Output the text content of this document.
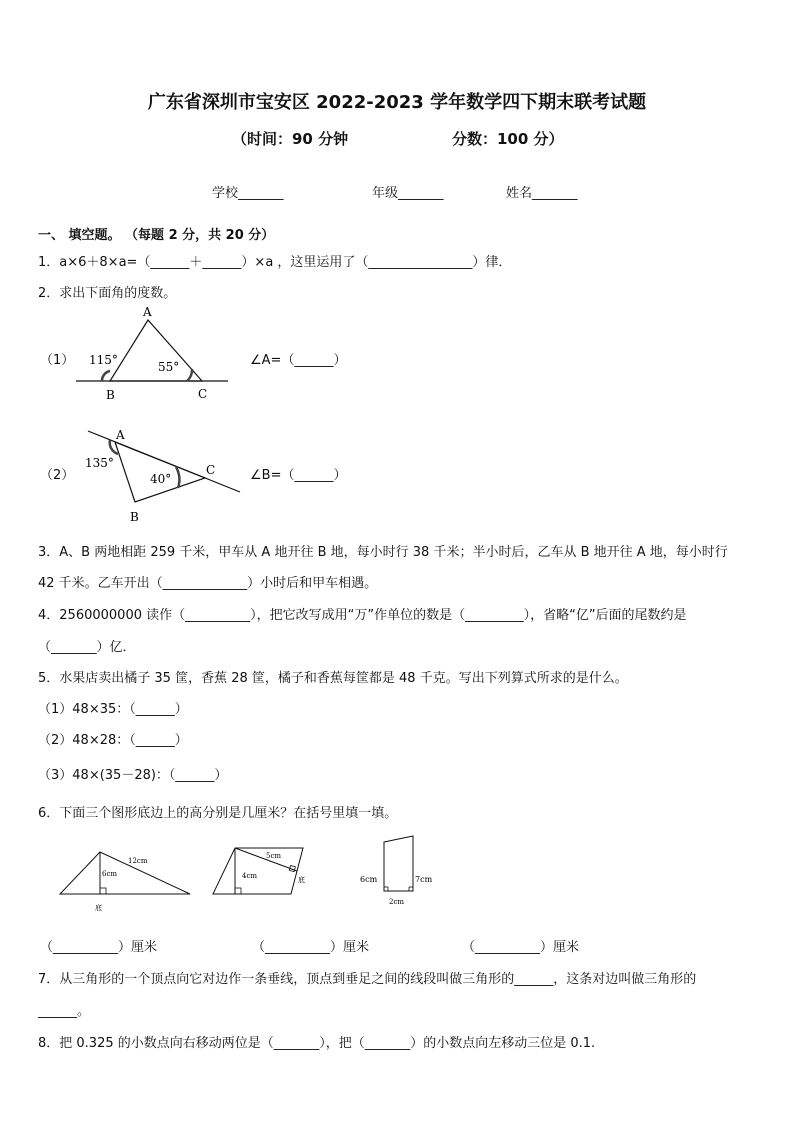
广东省深圳市宝安区 2022-2023 学年数学四下期末联考试题
（时间：90 分钟	分数：100 分）
学校_______	年级_______	姓名_______
一、 填空题。 （每题 2 分，共 20 分）
1．a×6＋8×a=（______＋______）×a ，这里运用了（________________）律．
2．求出下面角的度数。
（1）	∠A=（______）
A
B	C
115°	55°
（2）	∠B=（______）
A
B
C
135°
40°
3．A、B 两地相距 259 千米，甲车从 A 地开往 B 地，每小时行 38 千米；半小时后，乙车从 B 地开往 A 地，每小时行
42 千米。乙车开出（_____________）小时后和甲车相遇。
4．2560000000 读作（__________），把它改写成用“万”作单位的数是（_________），省略“亿”后面的尾数约是
（_______）亿．
5．水果店卖出橘子 35 筐，香蕉 28 筐，橘子和香蕉每筐都是 48 千克。写出下列算式所求的是什么。
（1）48×35：（______）
（2）48×28：（______）
（3）48×(35－28)：（______）
6．下面三个图形底边上的高分别是几厘米？在括号里填一填。
12cm
6cm
底
5cm
4cm	底	6cm	7cm
2cm
（__________）厘米	（__________）厘米	（__________）厘米
7．从三角形的一个顶点向它对边作一条垂线，顶点到垂足之间的线段叫做三角形的______，这条对边叫做三角形的
______。
8．把 0.325 的小数点向右移动两位是（_______），把（_______）的小数点向左移动三位是 0.1.
